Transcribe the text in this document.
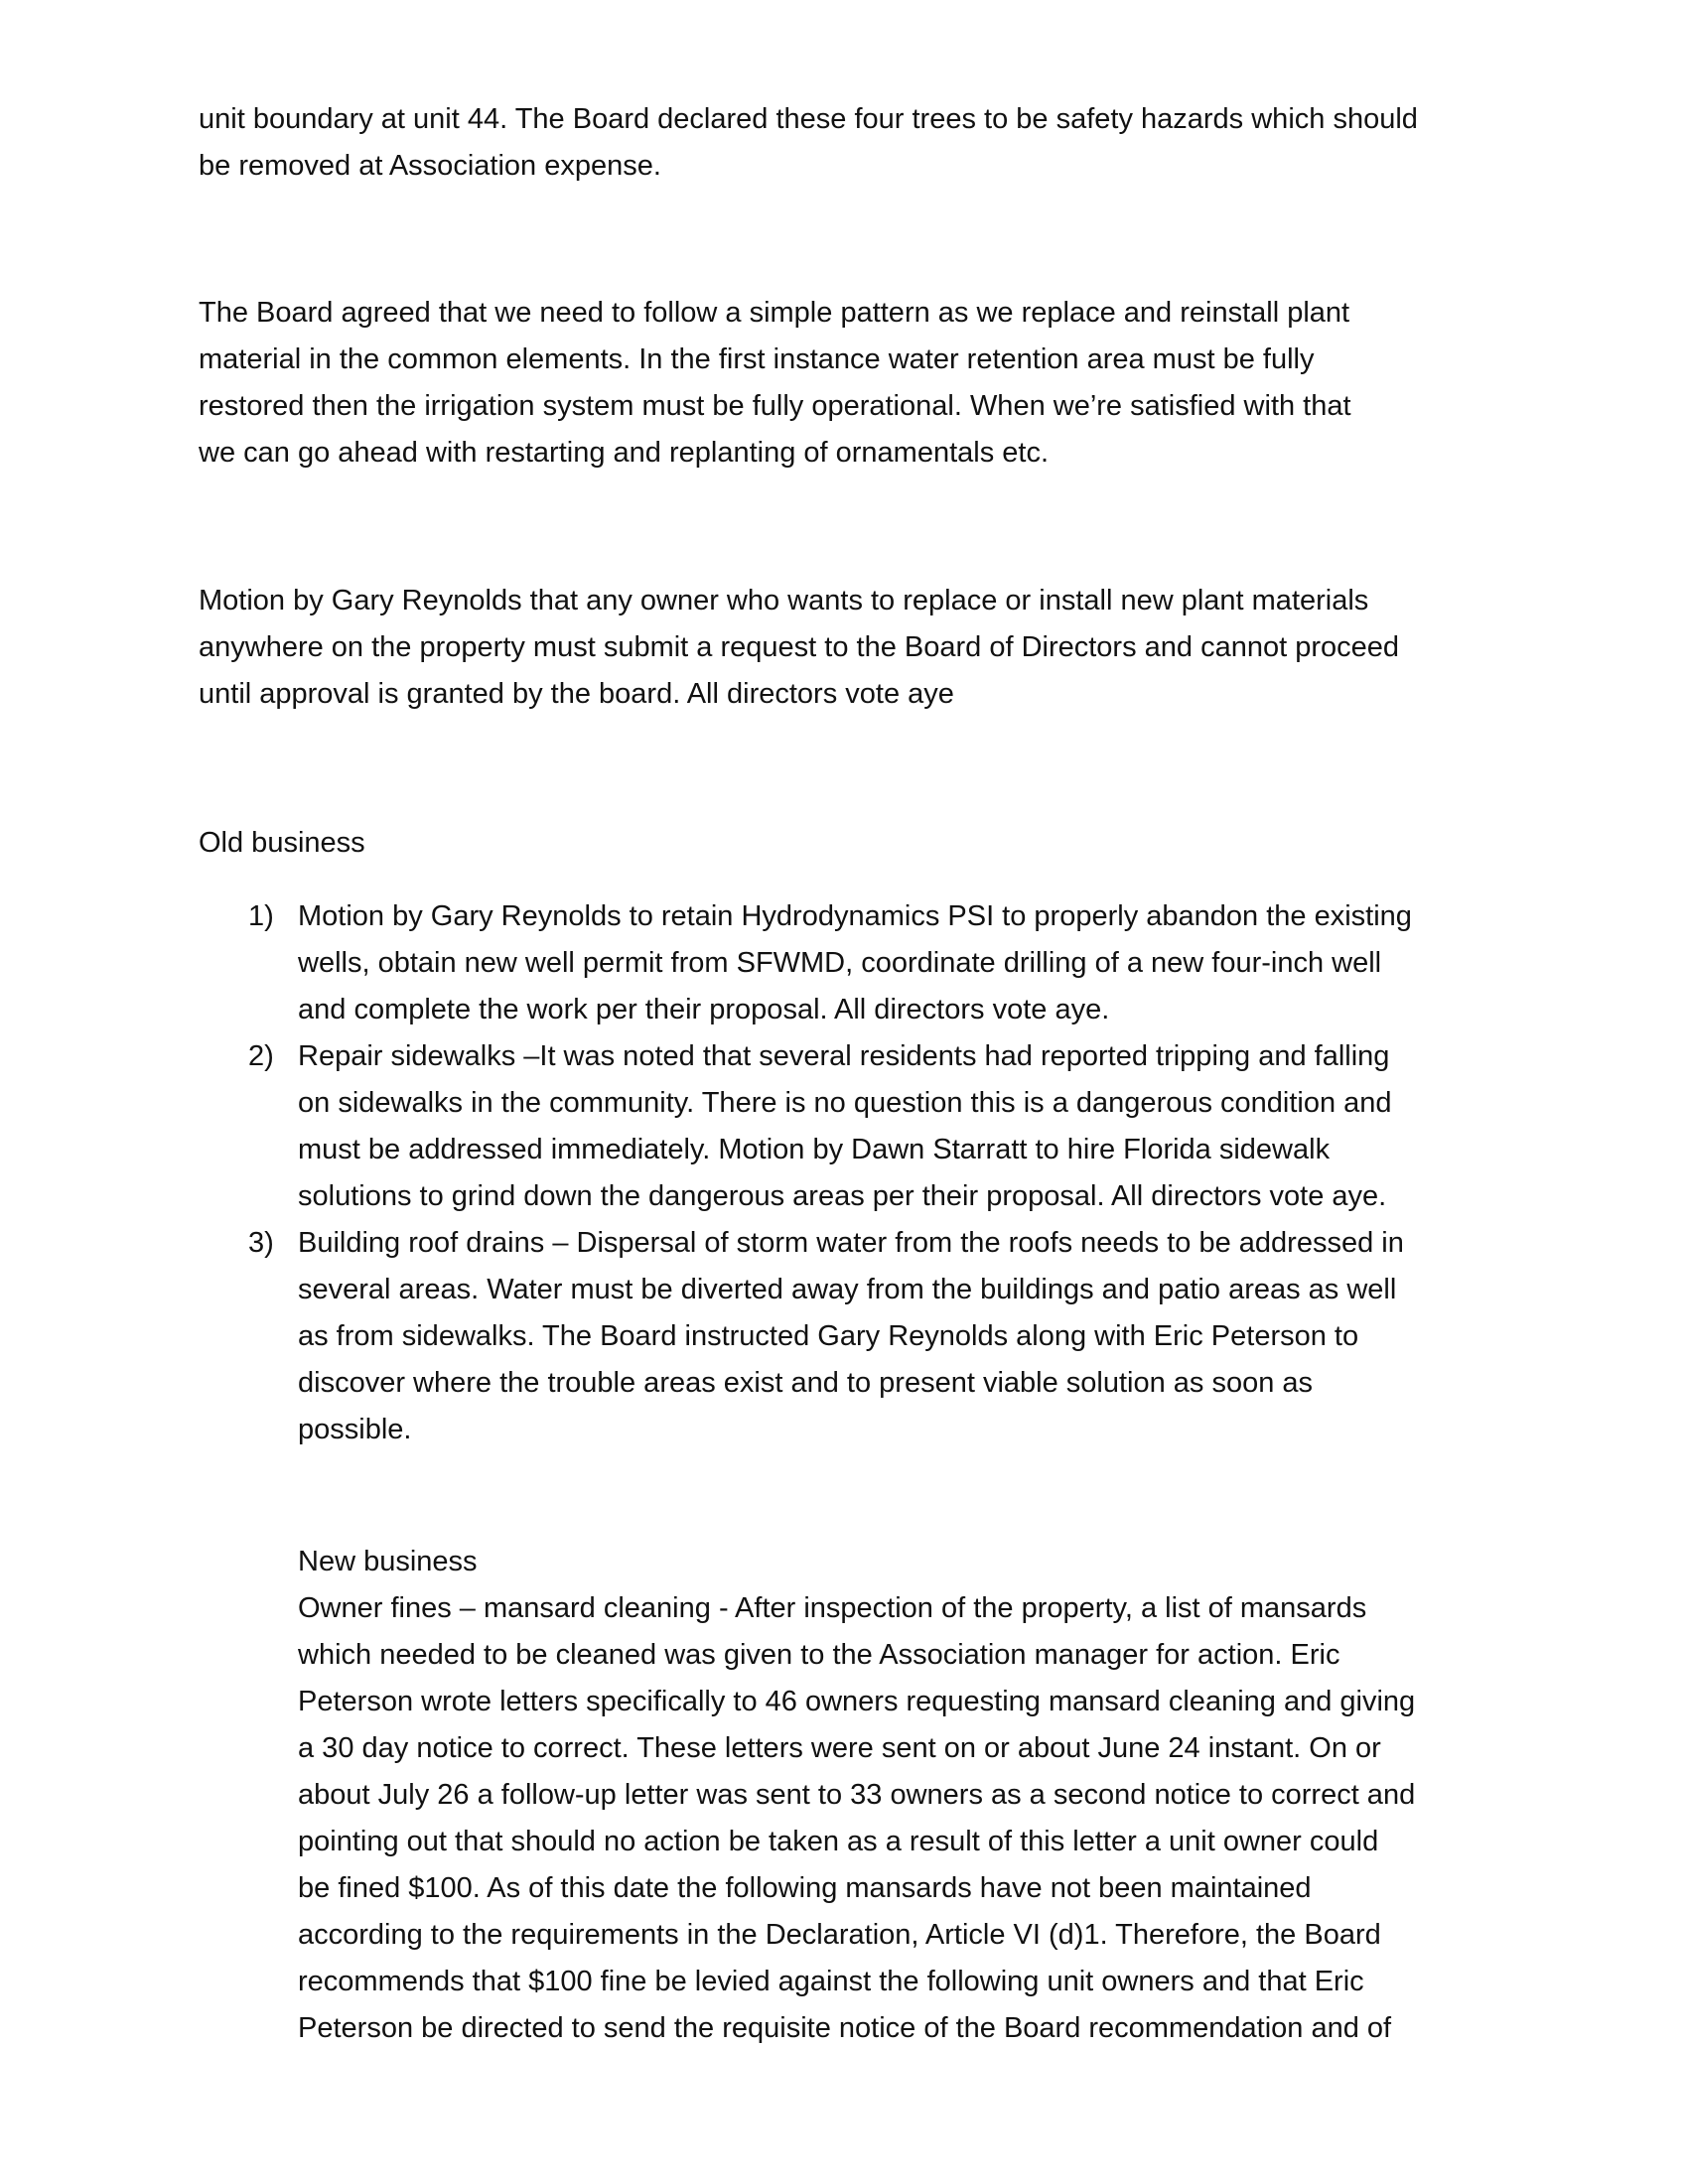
unit boundary at unit 44. The Board declared these four trees to be safety hazards which should
be removed at Association expense.

The Board agreed that we need to follow a simple pattern as we replace and reinstall plant
material in the common elements. In the first instance water retention area must be fully
restored then the irrigation system must be fully operational. When we’re satisfied with that
we can go ahead with restarting and replanting of ornamentals etc.

Motion by Gary Reynolds that any owner who wants to replace or install new plant materials
anywhere on the property must submit a request to the Board of Directors and cannot proceed
until approval is granted by the board. All directors vote aye

Old business

1) Motion by Gary Reynolds to retain Hydrodynamics PSI to properly abandon the existing
wells, obtain new well permit from SFWMD, coordinate drilling of a new four-inch well
and complete the work per their proposal. All directors vote aye.
2) Repair sidewalks –It was noted that several residents had reported tripping and falling
on sidewalks in the community. There is no question this is a dangerous condition and
must be addressed immediately. Motion by Dawn Starratt to hire Florida sidewalk
solutions to grind down the dangerous areas per their proposal. All directors vote aye.
3) Building roof drains – Dispersal of storm water from the roofs needs to be addressed in
several areas. Water must be diverted away from the buildings and patio areas as well
as from sidewalks. The Board instructed Gary Reynolds along with Eric Peterson to
discover where the trouble areas exist and to present viable solution as soon as
possible.

New business

Owner fines – mansard cleaning - After inspection of the property, a list of mansards
which needed to be cleaned was given to the Association manager for action. Eric
Peterson wrote letters specifically to 46 owners requesting mansard cleaning and giving
a 30 day notice to correct. These letters were sent on or about June 24 instant. On or
about July 26 a follow-up letter was sent to 33 owners as a second notice to correct and
pointing out that should no action be taken as a result of this letter a unit owner could
be fined $100. As of this date the following mansards have not been maintained
according to the requirements in the Declaration, Article VI (d)1. Therefore, the Board
recommends that $100 fine be levied against the following unit owners and that Eric
Peterson be directed to send the requisite notice of the Board recommendation and of
